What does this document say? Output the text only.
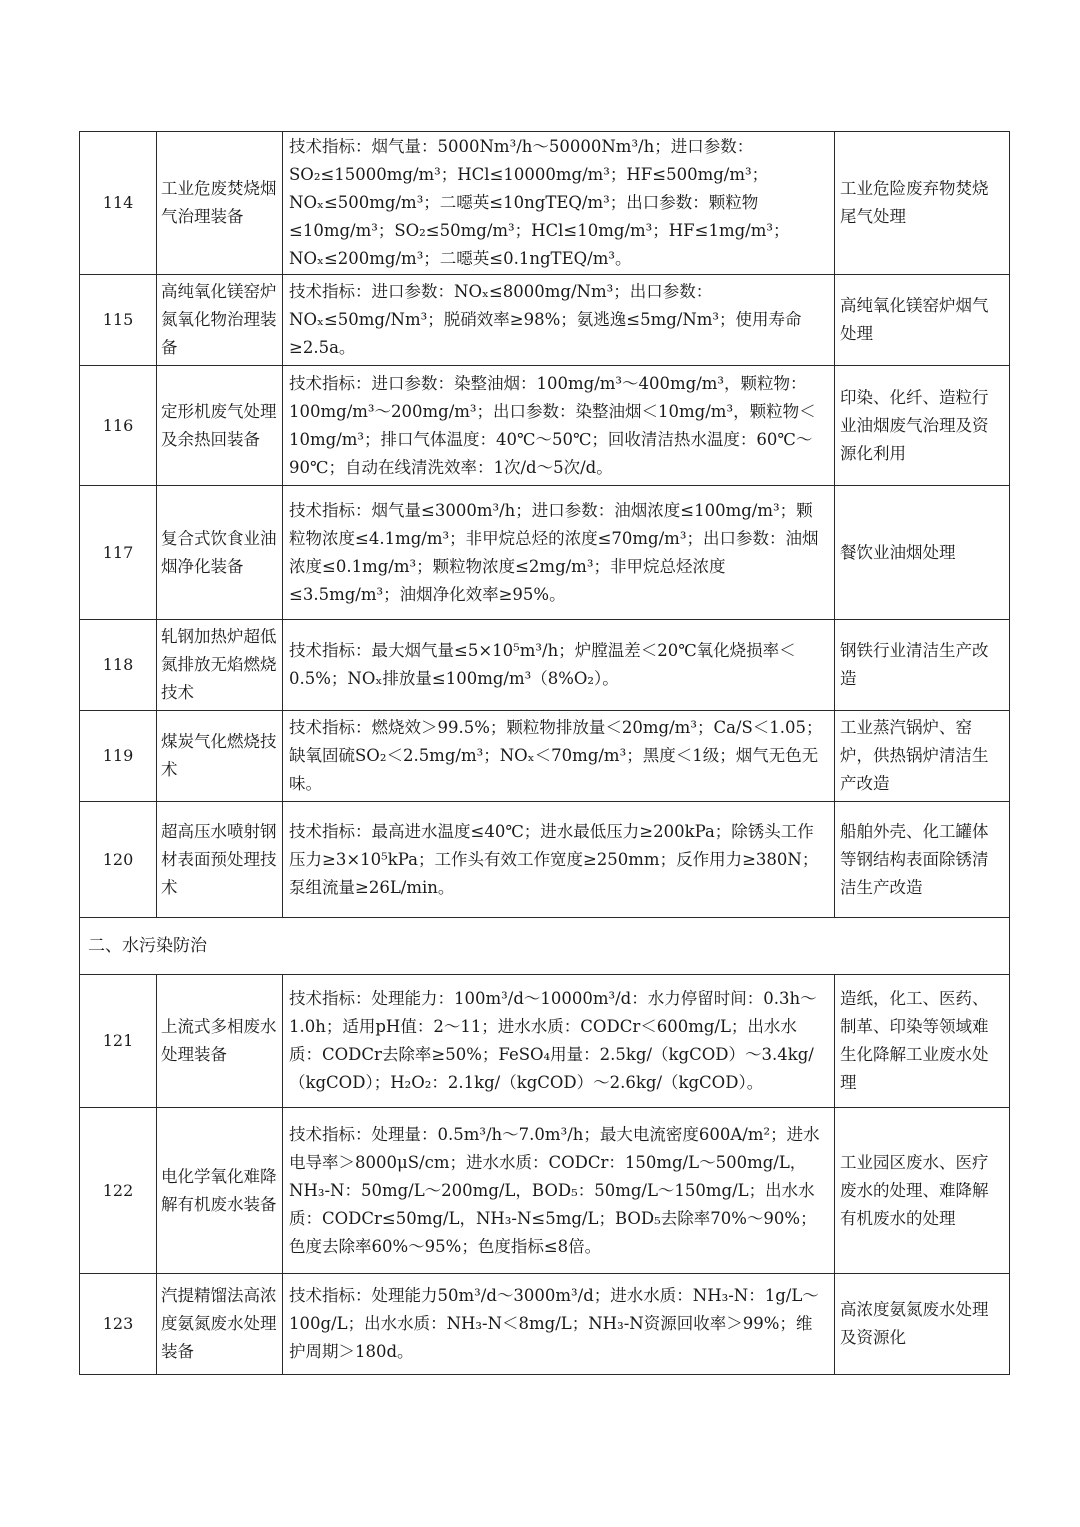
114	工业危废焚烧烟气治理装备	技术指标：烟气量：5000Nm³/h～50000Nm³/h；进口参数：SO₂≤15000mg/m³；HCl≤10000mg/m³；HF≤500mg/m³；NOₓ≤500mg/m³；二噁英≤10ngTEQ/m³；出口参数：颗粒物≤10mg/m³；SO₂≤50mg/m³；HCl≤10mg/m³；HF≤1mg/m³；NOₓ≤200mg/m³；二噁英≤0.1ngTEQ/m³。	工业危险废弃物焚烧尾气处理
115	高纯氧化镁窑炉氮氧化物治理装备	技术指标：进口参数：NOₓ≤8000mg/Nm³；出口参数：NOₓ≤50mg/Nm³；脱硝效率≥98%；氨逃逸≤5mg/Nm³；使用寿命≥2.5a。	高纯氧化镁窑炉烟气处理
116	定形机废气处理及余热回装备	技术指标：进口参数：染整油烟：100mg/m³～400mg/m³，颗粒物：100mg/m³～200mg/m³；出口参数：染整油烟＜10mg/m³，颗粒物＜10mg/m³；排口气体温度：40℃～50℃；回收清洁热水温度：60℃～90℃；自动在线清洗效率：1次/d～5次/d。	印染、化纤、造粒行业油烟废气治理及资源化利用
117	复合式饮食业油烟净化装备	技术指标：烟气量≤3000m³/h；进口参数：油烟浓度≤100mg/m³；颗粒物浓度≤4.1mg/m³；非甲烷总烃的浓度≤70mg/m³；出口参数：油烟浓度≤0.1mg/m³；颗粒物浓度≤2mg/m³；非甲烷总烃浓度≤3.5mg/m³；油烟净化效率≥95%。	餐饮业油烟处理
118	轧钢加热炉超低氮排放无焰燃烧技术	技术指标：最大烟气量≤5×10⁵m³/h；炉膛温差＜20℃氧化烧损率＜0.5%；NOₓ排放量≤100mg/m³（8%O₂）。	钢铁行业清洁生产改造
119	煤炭气化燃烧技术	技术指标：燃烧效＞99.5%；颗粒物排放量＜20mg/m³；Ca/S＜1.05；缺氧固硫SO₂＜2.5mg/m³；NOₓ＜70mg/m³；黑度＜1级；烟气无色无味。	工业蒸汽锅炉、窑炉，供热锅炉清洁生产改造
120	超高压水喷射钢材表面预处理技术	技术指标：最高进水温度≤40℃；进水最低压力≥200kPa；除锈头工作压力≥3×10⁵kPa；工作头有效工作宽度≥250mm；反作用力≥380N；泵组流量≥26L/min。	船舶外壳、化工罐体等钢结构表面除锈清洁生产改造
二、水污染防治			
121	上流式多相废水处理装备	技术指标：处理能力：100m³/d～10000m³/d：水力停留时间：0.3h～1.0h；适用pH值：2～11；进水水质：CODCr＜600mg/L；出水水质：CODCr去除率≥50%；FeSO₄用量：2.5kg/（kgCOD）～3.4kg/（kgCOD）；H₂O₂：2.1kg/（kgCOD）～2.6kg/（kgCOD）。	造纸，化工、医药、制革、印染等领域难生化降解工业废水处理
122	电化学氧化难降解有机废水装备	技术指标：处理量：0.5m³/h～7.0m³/h；最大电流密度600A/m²；进水电导率＞8000μS/cm；进水水质：CODCr：150mg/L～500mg/L，NH₃-N：50mg/L～200mg/L，BOD₅：50mg/L～150mg/L；出水水质：CODCr≤50mg/L，NH₃-N≤5mg/L；BOD₅去除率70%～90%；色度去除率60%～95%；色度指标≤8倍。	工业园区废水、医疗废水的处理、难降解有机废水的处理
123	汽提精馏法高浓度氨氮废水处理装备	技术指标：处理能力50m³/d～3000m³/d；进水水质：NH₃-N：1g/L～100g/L；出水水质：NH₃-N＜8mg/L；NH₃-N资源回收率＞99%；维护周期＞180d。	高浓度氨氮废水处理及资源化
